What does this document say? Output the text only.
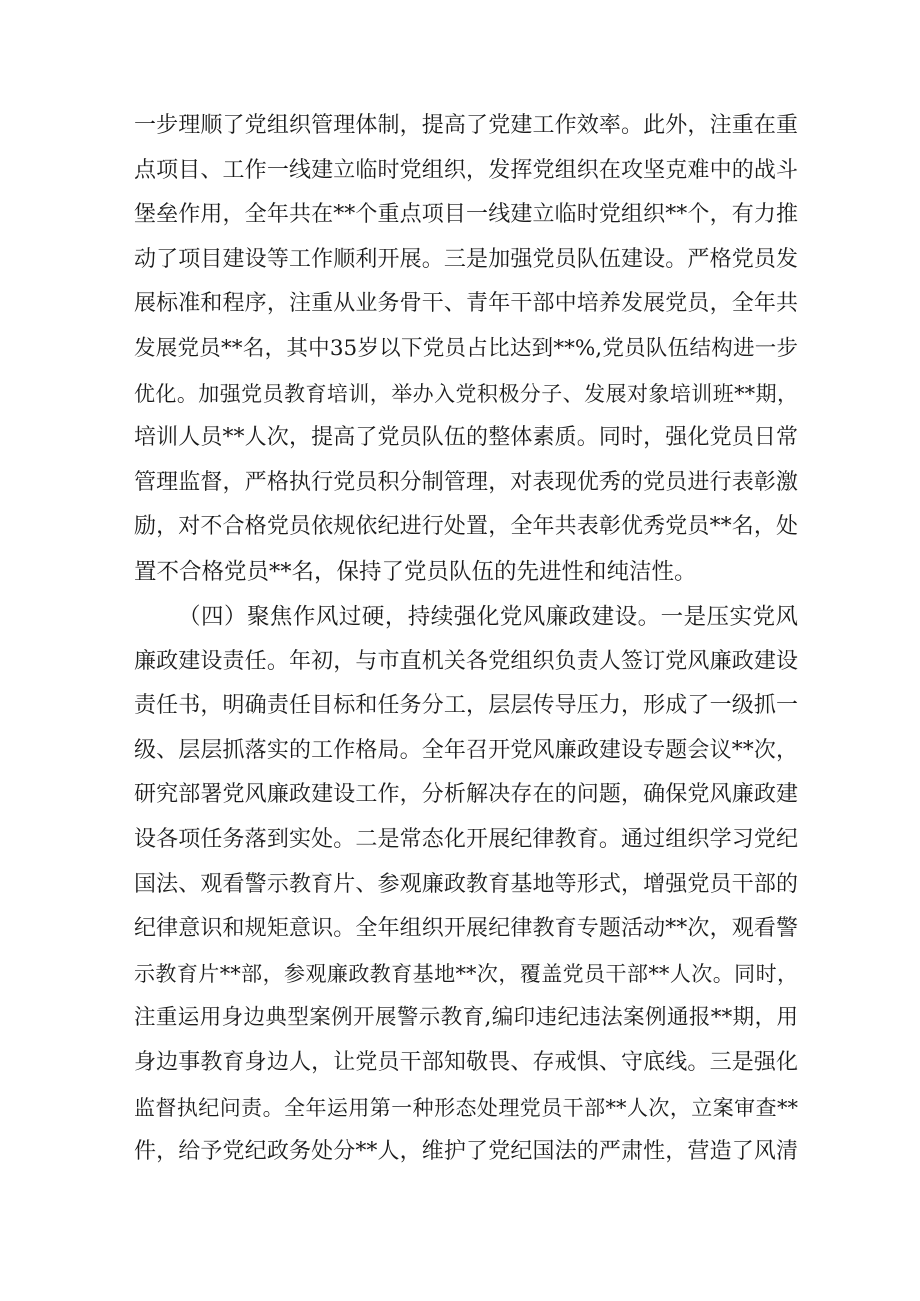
一步理顺了党组织管理体制，提高了党建工作效率。此外，注重在重
点项目、工作一线建立临时党组织，发挥党组织在攻坚克难中的战斗
堡垒作用，全年共在**个重点项目一线建立临时党组织**个，有力推
动了项目建设等工作顺利开展。三是加强党员队伍建设。严格党员发
展标准和程序，注重从业务骨干、青年干部中培养发展党员，全年共
发展党员**名，其中35岁以下党员占比达到**%,党员队伍结构进一步
优化。加强党员教育培训，举办入党积极分子、发展对象培训班**期，
培训人员**人次，提高了党员队伍的整体素质。同时，强化党员日常
管理监督，严格执行党员积分制管理，对表现优秀的党员进行表彰激
励，对不合格党员依规依纪进行处置，全年共表彰优秀党员**名，处
置不合格党员**名，保持了党员队伍的先进性和纯洁性。
（四）聚焦作风过硬，持续强化党风廉政建设。一是压实党风
廉政建设责任。年初，与市直机关各党组织负责人签订党风廉政建设
责任书，明确责任目标和任务分工，层层传导压力，形成了一级抓一
级、层层抓落实的工作格局。全年召开党风廉政建设专题会议**次，
研究部署党风廉政建设工作，分析解决存在的问题，确保党风廉政建
设各项任务落到实处。二是常态化开展纪律教育。通过组织学习党纪
国法、观看警示教育片、参观廉政教育基地等形式，增强党员干部的
纪律意识和规矩意识。全年组织开展纪律教育专题活动**次，观看警
示教育片**部，参观廉政教育基地**次，覆盖党员干部**人次。同时，
注重运用身边典型案例开展警示教育,编印违纪违法案例通报**期，用
身边事教育身边人，让党员干部知敬畏、存戒惧、守底线。三是强化
监督执纪问责。全年运用第一种形态处理党员干部**人次，立案审查**
件，给予党纪政务处分**人，维护了党纪国法的严肃性，营造了风清
